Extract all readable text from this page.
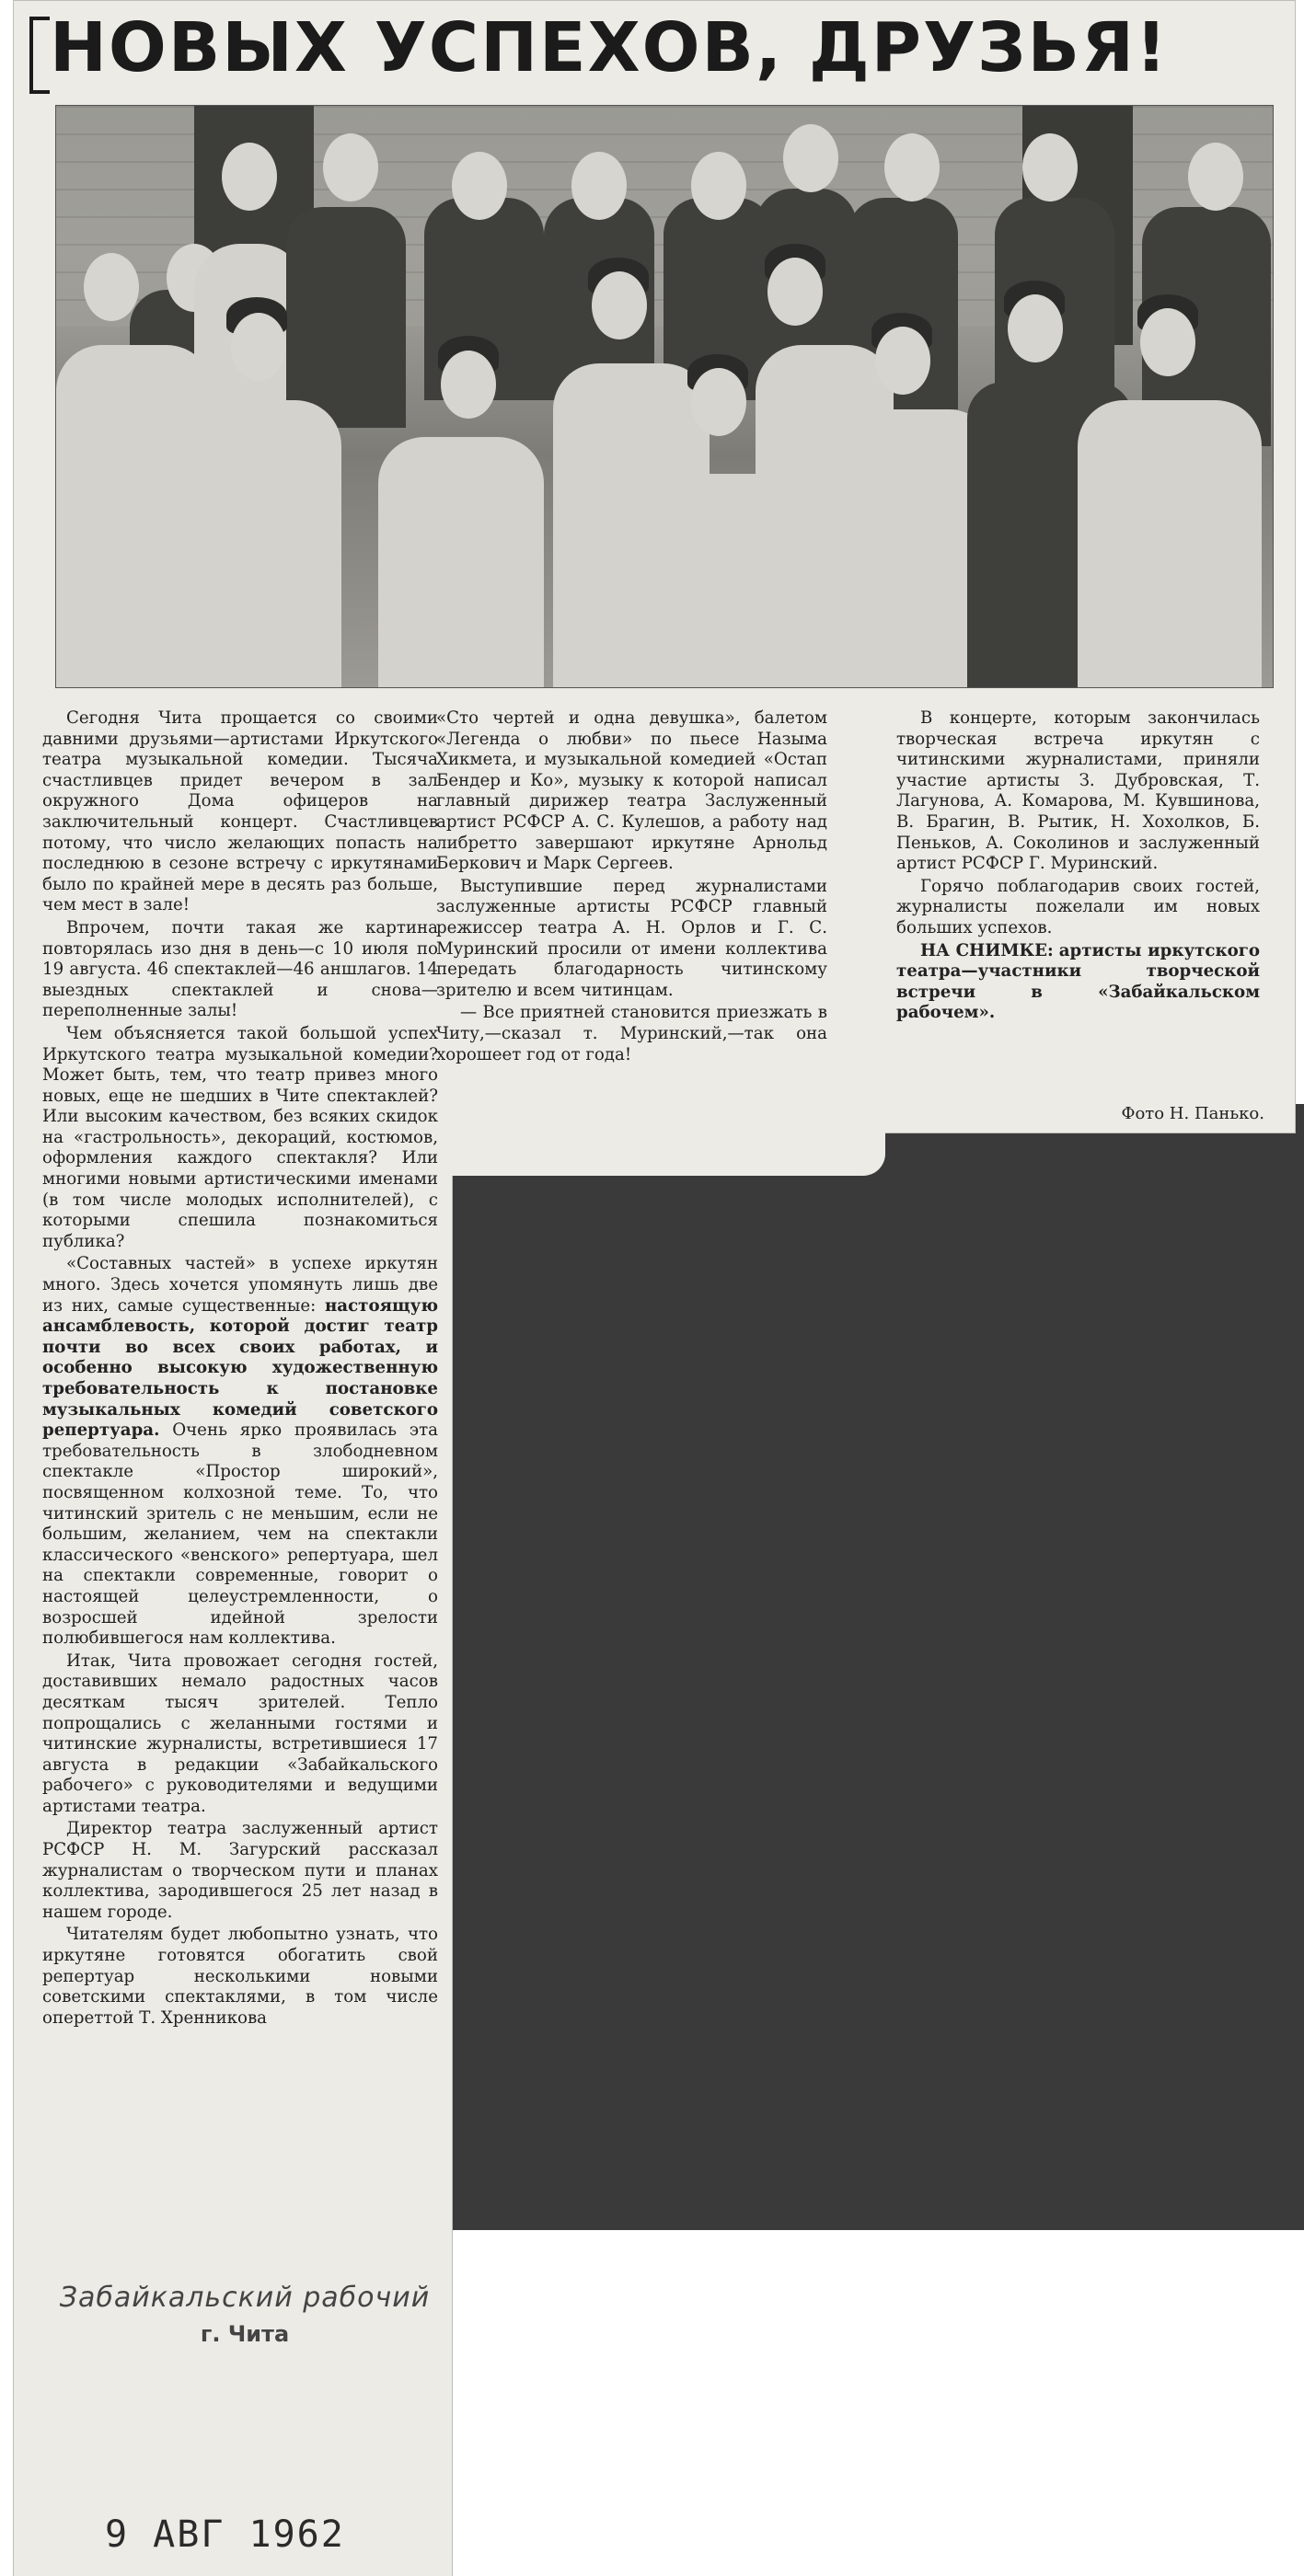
НОВЫХ УСПЕХОВ, ДРУЗЬЯ!

Сегодня Чита прощается со своими давними друзьями—артистами Иркутского театра музыкальной комедии. Тысяча счастливцев придет вечером в зал окружного Дома офицеров на заключительный концерт. Счастливцев потому, что число желающих попасть на последнюю в сезоне встречу с иркутянами было по крайней мере в десять раз больше, чем мест в зале!

Впрочем, почти такая же картина повторялась изо дня в день—с 10 июля по 19 августа. 46 спектаклей—46 аншлагов. 14 выездных спектаклей и снова—переполненные залы!

Чем объясняется такой большой успех Иркутского театра музыкальной комедии? Может быть, тем, что театр привез много новых, еще не шедших в Чите спектаклей? Или высоким качеством, без всяких скидок на «гастрольность», декораций, костюмов, оформления каждого спектакля? Или многими новыми артистическими именами (в том числе молодых исполнителей), с которыми спешила познакомиться публика?

«Составных частей» в успехе иркутян много. Здесь хочется упомянуть лишь две из них, самые существенные: настоящую ансамблевость, которой достиг театр почти во всех своих работах, и особенно высокую художественную требовательность к постановке музыкальных комедий советского репертуара. Очень ярко проявилась эта требовательность в злободневном спектакле «Простор широкий», посвященном колхозной теме. То, что читинский зритель с не меньшим, если не большим, желанием, чем на спектакли классического «венского» репертуара, шел на спектакли современные, говорит о настоящей целеустремленности, о возросшей идейной зрелости полюбившегося нам коллектива.

Итак, Чита провожает сегодня гостей, доставивших немало радостных часов десяткам тысяч зрителей. Тепло попрощались с желанными гостями и читинские журналисты, встретившиеся 17 августа в редакции «Забайкальского рабочего» с руководителями и ведущими артистами театра.

Директор театра заслуженный артист РСФСР Н. М. Загурский рассказал журналистам о творческом пути и планах коллектива, зародившегося 25 лет назад в нашем городе.

Читателям будет любопытно узнать, что иркутяне готовятся обогатить свой репертуар несколькими новыми советскими спектаклями, в том числе опереттой Т. Хренникова

«Сто чертей и одна девушка», балетом «Легенда о любви» по пьесе Назыма Хикмета, и музыкальной комедией «Остап Бендер и Ко», музыку к которой написал главный дирижер театра Заслуженный артист РСФСР А. С. Кулешов, а работу над либретто завершают иркутяне Арнольд Беркович и Марк Сергеев.

Выступившие перед журналистами заслуженные артисты РСФСР главный режиссер театра А. Н. Орлов и Г. С. Муринский просили от имени коллектива передать благодарность читинскому зрителю и всем читинцам.

— Все приятней становится приезжать в Читу,—сказал т. Муринский,—так она хорошеет год от года!

В концерте, которым закончилась творческая встреча иркутян с читинскими журналистами, приняли участие артисты З. Дубровская, Т. Лагунова, А. Комарова, М. Кувшинова, В. Брагин, В. Рытик, Н. Хохолков, Б. Пеньков, А. Соколинов и заслуженный артист РСФСР Г. Муринский.

Горячо поблагодарив своих гостей, журналисты пожелали им новых больших успехов.

НА СНИМКЕ: артисты иркутского театра—участники творческой встречи в «Забайкальском рабочем».

Фото Н. Панько.
Забайкальский рабочий
г. Чита
9 АВГ 1962
